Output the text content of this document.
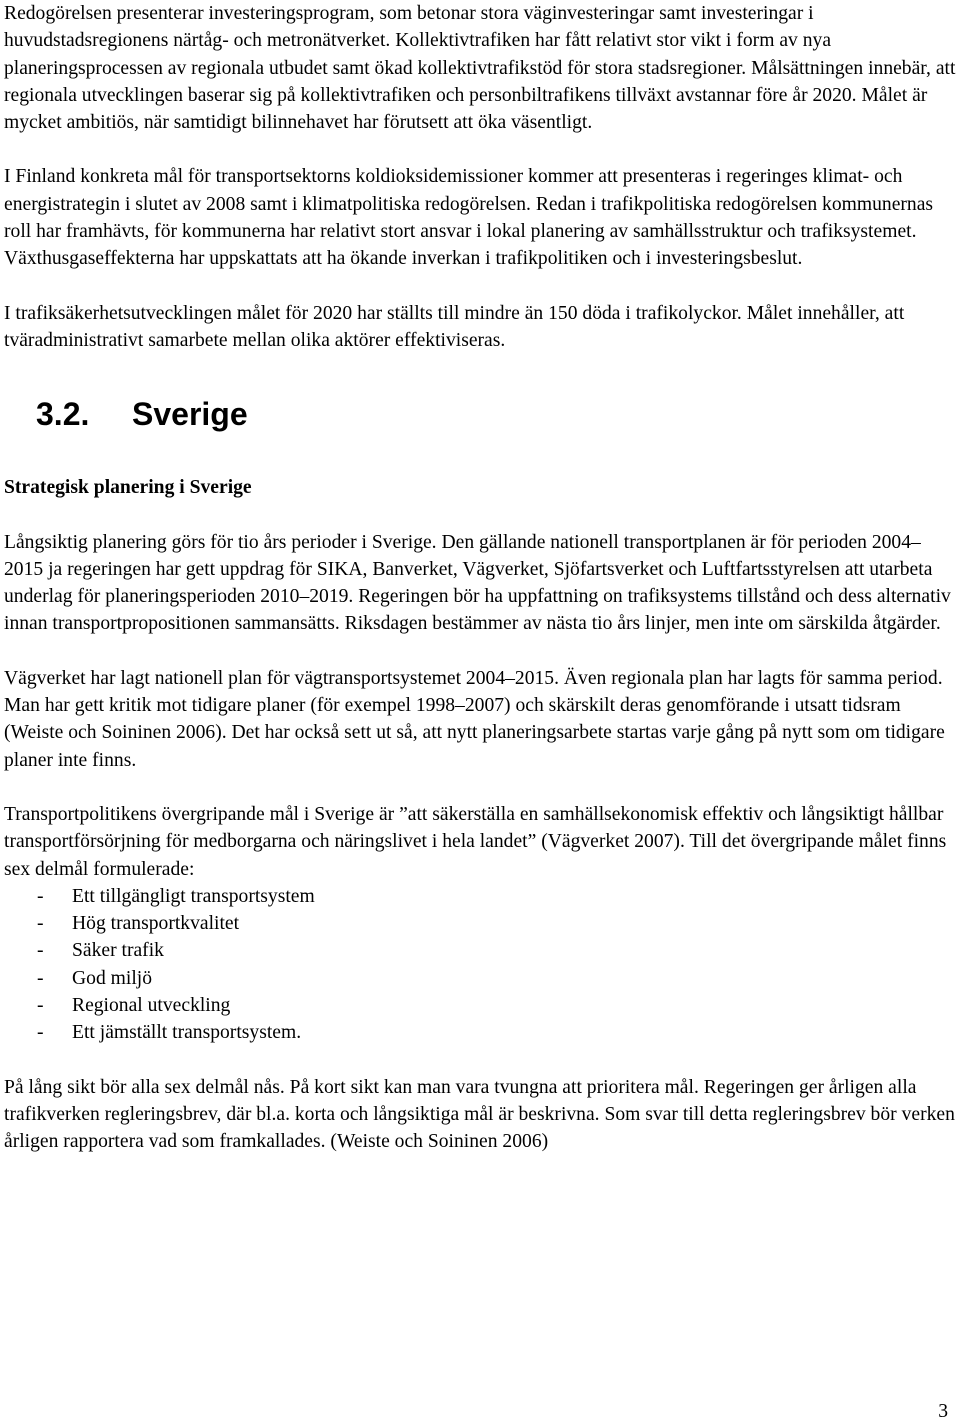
Redogörelsen presenterar investeringsprogram, som betonar stora väginvesteringar samt investeringar i huvudstadsregionens närtåg- och metronätverket. Kollektivtrafiken har fått relativt stor vikt i form av nya planeringsprocessen av regionala utbudet samt ökad kollektivtrafikstöd för stora stadsregioner. Målsättningen innebär, att regionala utvecklingen baserar sig på kollektivtrafiken och personbiltrafikens tillväxt avstannar före år 2020. Målet är mycket ambitiös, när samtidigt bilinnehavet har förutsett att öka väsentligt.

I Finland konkreta mål för transportsektorns koldioksidemissioner kommer att presenteras i regeringes klimat- och energistrategin i slutet av 2008 samt i klimatpolitiska redogörelsen. Redan i trafikpolitiska redogörelsen kommunernas roll har framhävts, för kommunerna har relativt stort ansvar i lokal planering av samhällsstruktur och trafiksystemet. Växthusgaseffekterna har uppskattats att ha ökande inverkan i trafikpolitiken och i investeringsbeslut.

I trafiksäkerhetsutvecklingen målet för 2020 har ställts till mindre än 150 döda i trafikolyckor. Målet innehåller, att tväradministrativt samarbete mellan olika aktörer effektiviseras.

3.2.	Sverige
Strategisk planering i Sverige

Långsiktig planering görs för tio års perioder i Sverige. Den gällande nationell transportplanen är för perioden 2004–2015 ja regeringen har gett uppdrag för SIKA, Banverket, Vägverket, Sjöfartsverket och Luftfartsstyrelsen att utarbeta underlag för planeringsperioden 2010–2019. Regeringen bör ha uppfattning on trafiksystems tillstånd och dess alternativ innan transportpropositionen sammansätts. Riksdagen bestämmer av nästa tio års linjer, men inte om särskilda åtgärder.

Vägverket har lagt nationell plan för vägtransportsystemet 2004–2015. Även regionala plan har lagts för samma period. Man har gett kritik mot tidigare planer (för exempel 1998–2007) och skärskilt deras genomförande i utsatt tidsram (Weiste och Soininen 2006). Det har också sett ut så, att nytt planeringsarbete startas varje gång på nytt som om tidigare planer inte finns.

Transportpolitikens övergripande mål i Sverige är ”att säkerställa en samhällsekonomisk effektiv och långsiktigt hållbar transportförsörjning för medborgarna och näringslivet i hela landet” (Vägverket 2007). Till det övergripande målet finns sex delmål formulerade:

-	Ett tillgängligt transportsystem
-	Hög transportkvalitet
-	Säker trafik
-	God miljö
-	Regional utveckling
-	Ett jämställt transportsystem.

På lång sikt bör alla sex delmål nås. På kort sikt kan man vara tvungna att prioritera mål. Regeringen ger årligen alla trafikverken regleringsbrev, där bl.a. korta och långsiktiga mål är beskrivna. Som svar till detta regleringsbrev bör verken årligen rapportera vad som framkallades. (Weiste och Soininen 2006)

3
